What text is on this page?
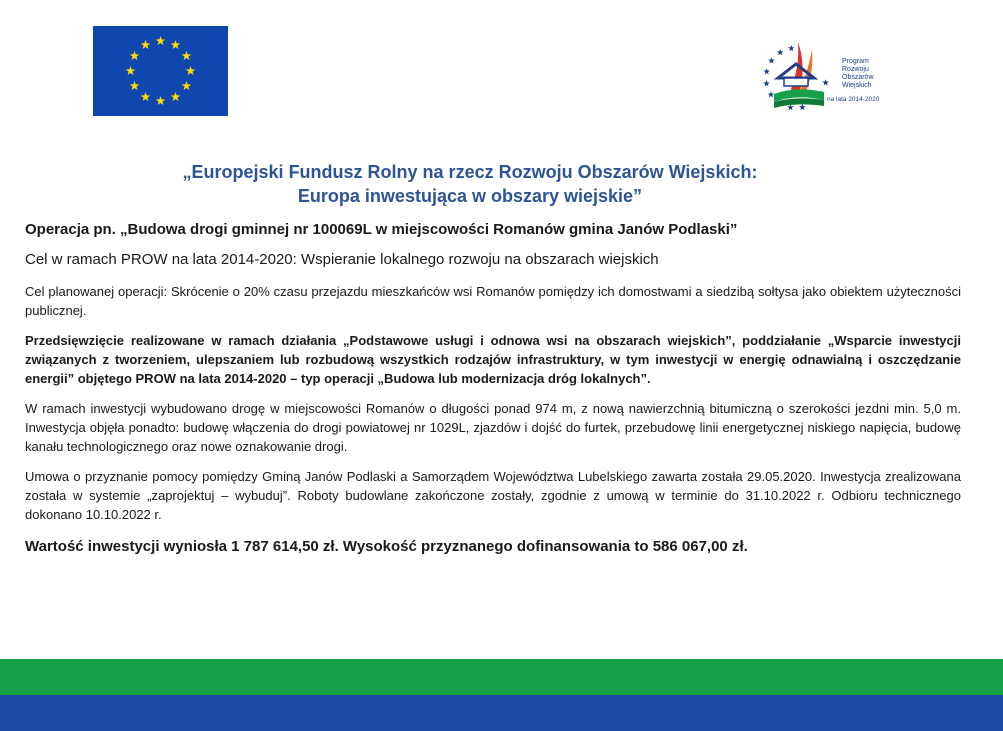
Program
Rozwoju
Obszarów
Wiejskich
na lata 2014-2020
„Europejski Fundusz Rolny na rzecz Rozwoju Obszarów Wiejskich:
Europa inwestująca w obszary wiejskie”

Operacja pn. „Budowa drogi gminnej nr 100069L w miejscowości Romanów gmina Janów Podlaski”

Cel w ramach PROW na lata 2014-2020: Wspieranie lokalnego rozwoju na obszarach wiejskich

Cel planowanej operacji: Skrócenie o 20% czasu przejazdu mieszkańców wsi Romanów pomiędzy ich domostwami a siedzibą sołtysa jako obiektem użyteczności publicznej.

Przedsięwzięcie realizowane w ramach działania „Podstawowe usługi i odnowa wsi na obszarach wiejskich”, poddziałanie „Wsparcie inwestycji związanych z tworzeniem, ulepszaniem lub rozbudową wszystkich rodzajów infrastruktury, w tym inwestycji w energię odnawialną i oszczędzanie energii” objętego PROW na lata 2014-2020 – typ operacji „Budowa lub modernizacja dróg lokalnych”.

W ramach inwestycji wybudowano drogę w miejscowości Romanów o długości ponad 974 m, z nową nawierzchnią bitumiczną o szerokości jezdni min. 5,0 m. Inwestycja objęła ponadto: budowę włączenia do drogi powiatowej nr 1029L, zjazdów i dojść do furtek, przebudowę linii energetycznej niskiego napięcia, budowę kanału technologicznego oraz nowe oznakowanie drogi.

Umowa o przyznanie pomocy pomiędzy Gminą Janów Podlaski a Samorządem Województwa Lubelskiego zawarta została 29.05.2020. Inwestycja zrealizowana została w systemie „zaprojektuj – wybuduj”. Roboty budowlane zakończone zostały, zgodnie z umową w terminie do 31.10.2022 r. Odbioru technicznego dokonano 10.10.2022 r.

Wartość inwestycji wyniosła 1 787 614,50 zł. Wysokość przyznanego dofinansowania to 586 067,00 zł.
